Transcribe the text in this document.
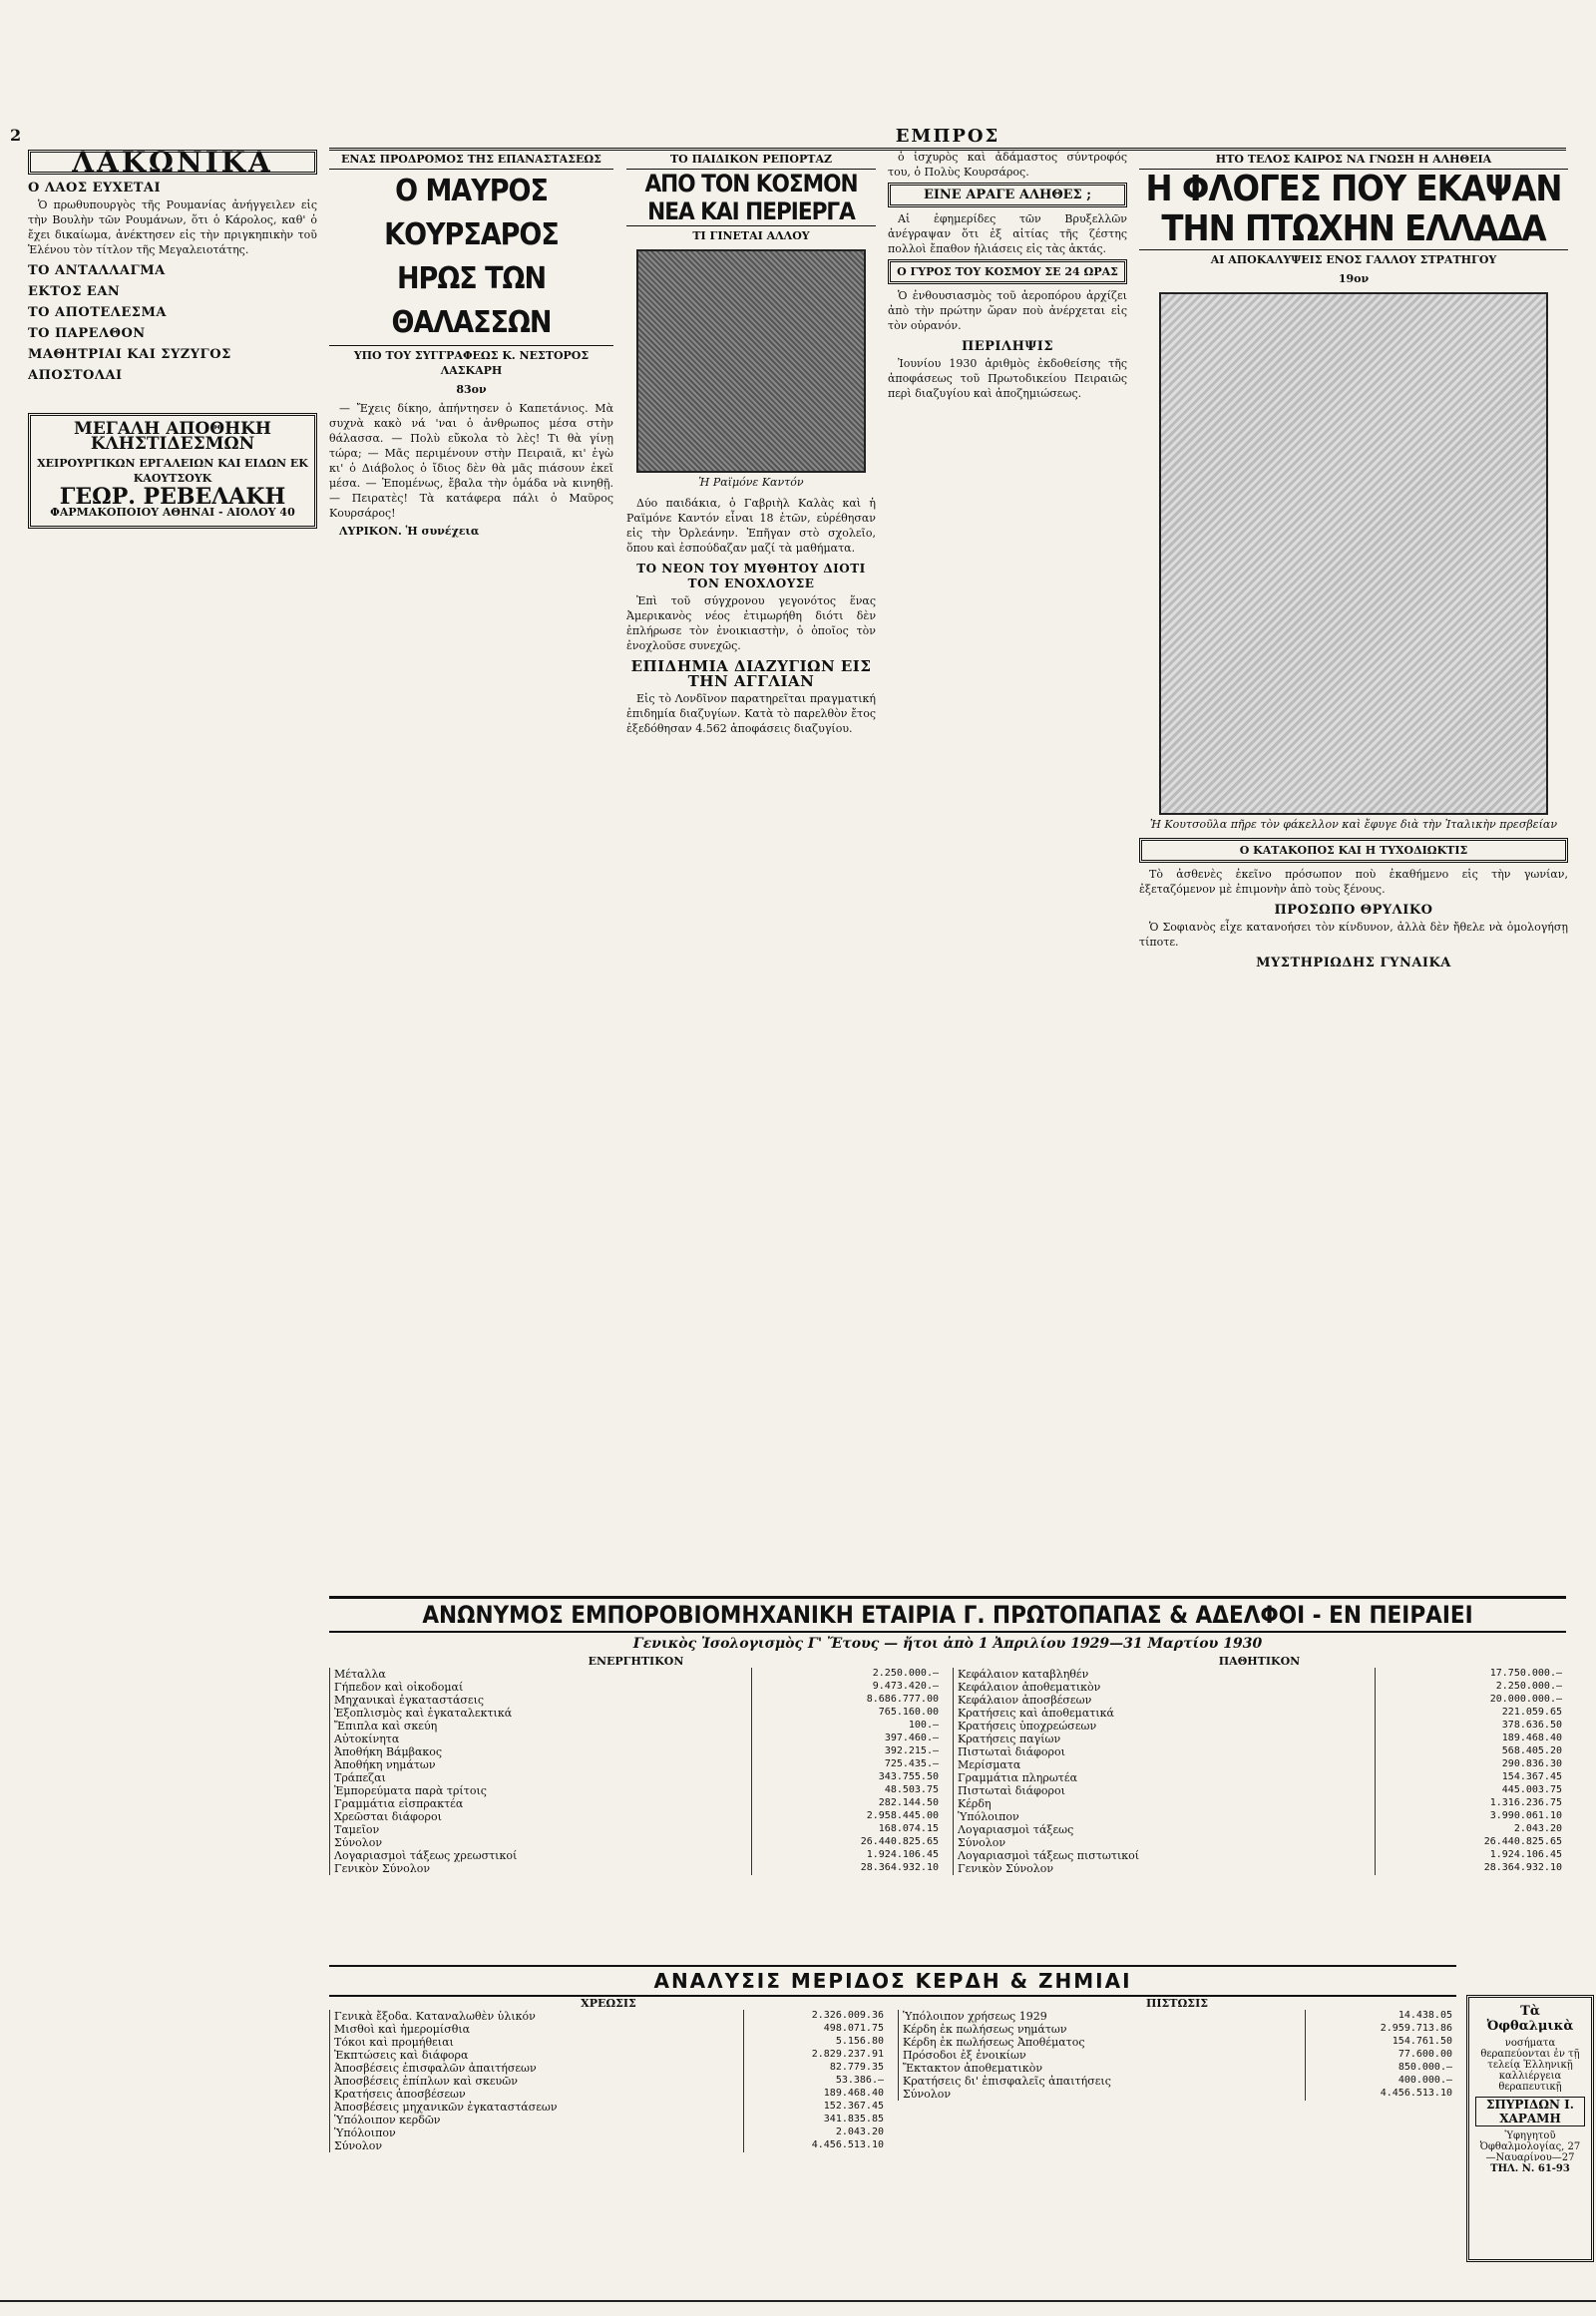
2	ΕΜΠΡΟΣ
ΛΑΚΩΝΙΚΑ
Ο ΛΑΟΣ ΕΥΧΕΤΑΙ

Ὁ πρωθυπουργὸς τῆς Ρουμανίας ἀνήγγειλεν εἰς τὴν Βουλὴν τῶν Ρουμάνων, ὅτι ὁ Κάρολος, καθ' ὁ ἔχει δικαίωμα, ἀνέκτησεν εἰς τὴν πριγκηπικὴν τοῦ Ἑλένου τὸν τίτλον τῆς Μεγαλειοτάτης.

ΤΟ ΑΝΤΑΛΛΑΓΜΑ
ΕΚΤΟΣ ΕΑΝ
ΤΟ ΑΠΟΤΕΛΕΣΜΑ
ΤΟ ΠΑΡΕΛΘΟΝ
ΜΑΘΗΤΡΙΑΙ ΚΑΙ ΣΥΖΥΓΟΣ
ΑΠΟΣΤΟΛΑΙ
ΜΕΓΑΛΗ ΑΠΟΘΗΚΗ ΚΛΗΣΤΙΔΕΣΜΩΝ
ΧΕΙΡΟΥΡΓΙΚΩΝ ΕΡΓΑΛΕΙΩΝ ΚΑΙ ΕΙΔΩΝ ΕΚ ΚΑΟΥΤΣΟΥΚ
ΓΕΩΡ. ΡΕΒΕΛΑΚΗ
ΦΑΡΜΑΚΟΠΟΙΟΥ ΑΘΗΝΑΙ - ΑΙΟΛΟΥ 40
ΕΝΑΣ ΠΡΟΔΡΟΜΟΣ ΤΗΣ ΕΠΑΝΑΣΤΑΣΕΩΣ
Ο ΜΑΥΡΟΣ ΚΟΥΡΣΑΡΟΣ
ΗΡΩΣ ΤΩΝ ΘΑΛΑΣΣΩΝ
ΥΠΟ ΤΟΥ ΣΥΓΓΡΑΦΕΩΣ Κ. ΝΕΣΤΟΡΟΣ ΛΑΣΚΑΡΗ
83ον

— Ἔχεις δίκηο, ἀπήντησεν ὁ Καπετάνιος. Μὰ συχνὰ κακὸ νά 'ναι ὁ ἀνθρωπος μέσα στὴν θάλασσα. — Πολὺ εὔκολα τὸ λὲς! Τι θὰ γίνῃ τώρα; — Μᾶς περιμένουν στὴν Πειραιᾶ, κι' ἐγὼ κι' ὁ Διάβολος ὁ ἴδιος δὲν θὰ μᾶς πιάσουν ἐκεῖ μέσα. — Ἐπομένως, ἔβαλα τὴν ὁμάδα νὰ κινηθῇ. — Πειρατὲς! Τὰ κατάφερα πάλι ὁ Μαῦρος Κουρσάρος!

ΛΥΡΙΚΟΝ. Ἡ συνέχεια

ΤΟ ΠΑΙΔΙΚΟΝ ΡΕΠΟΡΤΑΖ
ΑΠΟ ΤΟΝ ΚΟΣΜΟΝ
ΝΕΑ ΚΑΙ ΠΕΡΙΕΡΓΑ
ΤΙ ΓΙΝΕΤΑΙ ΑΛΛΟΥ
Ἡ Ραϊμόνε Καντόν

Δύο παιδάκια, ὁ Γαβριὴλ Καλὰς καὶ ἡ Ραϊμόνε Καντόν εἶναι 18 ἐτῶν, εὑρέθησαν εἰς τὴν Ὀρλεάνην. Ἐπῆγαν στὸ σχολεῖο, ὅπου καὶ ἐσπούδαζαν μαζί τὰ μαθήματα.

ΤΟ ΝΕΟΝ ΤΟΥ ΜΥΘΗΤΟΥ ΔΙΟΤΙ ΤΟΝ ΕΝΟΧΛΟΥΣΕ

Ἐπὶ τοῦ σύγχρονου γεγονότος ἕνας Ἀμερικανὸς νέος ἐτιμωρήθη διότι δὲν ἐπλήρωσε τὸν ἐνοικιαστὴν, ὁ ὁποῖος τὸν ἐνοχλοῦσε συνεχῶς.

ΕΠΙΔΗΜΙΑ ΔΙΑΖΥΓΙΩΝ ΕΙΣ ΤΗΝ ΑΓΓΛΙΑΝ

Εἰς τὸ Λονδῖνον παρατηρεῖται πραγματική ἐπιδημία διαζυγίων. Κατὰ τὸ παρελθὸν ἔτος ἐξεδόθησαν 4.562 ἀποφάσεις διαζυγίου.

ὁ ἰσχυρὸς καὶ ἀδάμαστος σύντροφός του, ὁ Πολὺς Κουρσάρος.

ΕΙΝΕ ΑΡΑΓΕ ΑΛΗΘΕΣ ;

Αἱ ἐφημερίδες τῶν Βρυξελλῶν ἀνέγραψαν ὅτι ἐξ αἰτίας τῆς ζέστης πολλοὶ ἔπαθον ἡλιάσεις εἰς τὰς ἀκτάς.

Ο ΓΥΡΟΣ ΤΟΥ ΚΟΣΜΟΥ ΣΕ 24 ΩΡΑΣ

Ὁ ἐνθουσιασμὸς τοῦ ἀεροπόρου ἀρχίζει ἀπὸ τὴν πρώτην ὥραν ποὺ ἀνέρχεται εἰς τὸν οὐρανόν.

ΠΕΡΙΛΗΨΙΣ

Ἰουνίου 1930 ἀριθμὸς ἐκδοθείσης τῆς ἀποφάσεως τοῦ Πρωτοδικείου Πειραιῶς περὶ διαζυγίου καὶ ἀποζημιώσεως.

ΗΤΟ ΤΕΛΟΣ ΚΑΙΡΟΣ ΝΑ ΓΝΩΣΗ Η ΑΛΗΘΕΙΑ
Η ΦΛΟΓΕΣ ΠΟΥ ΕΚΑΨΑΝ
ΤΗΝ ΠΤΩΧΗΝ ΕΛΛΑΔΑ
ΑΙ ΑΠΟΚΑΛΥΨΕΙΣ ΕΝΟΣ ΓΑΛΛΟΥ ΣΤΡΑΤΗΓΟΥ
19ον
Ἡ Κουτσοῦλα πῆρε τὸν φάκελλον καὶ ἔφυγε διὰ τὴν Ἰταλικὴν πρεσβείαν
Ο ΚΑΤΑΚΟΠΟΣ ΚΑΙ Η ΤΥΧΟΔΙΩΚΤΙΣ

Τὸ ἀσθενὲς ἐκεῖνο πρόσωπον ποὺ ἐκαθήμενο εἰς τὴν γωνίαν, ἐξεταζόμενον μὲ ἐπιμονὴν ἀπὸ τοὺς ξένους.

ΠΡΟΣΩΠΟ ΘΡΥΛΙΚΟ

Ὁ Σοφιανὸς εἶχε κατανοήσει τὸν κίνδυνον, ἀλλὰ δὲν ἤθελε νὰ ὁμολογήσῃ τίποτε.

ΜΥΣΤΗΡΙΩΔΗΣ ΓΥΝΑΙΚΑ
ΑΝΩΝΥΜΟΣ ΕΜΠΟΡΟΒΙΟΜΗΧΑΝΙΚΗ ΕΤΑΙΡΙΑ Γ. ΠΡΩΤΟΠΑΠΑΣ & ΑΔΕΛΦΟΙ - ΕΝ ΠΕΙΡΑΙΕΙ
Γενικὸς Ἰσολογισμὸς Γ' Ἔτους — ἤτοι ἀπὸ 1 Ἀπριλίου 1929—31 Μαρτίου 1930
ΕΝΕΡΓΗΤΙΚΟΝ
Μέταλλα	2.250.000.—
Γήπεδον καὶ οἰκοδομαί	9.473.420.—
Μηχανικαὶ ἐγκαταστάσεις	8.686.777.00
Ἐξοπλισμὸς καὶ ἐγκαταλεκτικά	765.160.00
Ἔπιπλα καὶ σκεύη	100.—
Αὐτοκίνητα	397.460.—
Ἀποθήκη Βάμβακος	392.215.—
Ἀποθήκη νημάτων	725.435.—
Τράπεζαι	343.755.50
Ἐμπορεύματα παρὰ τρίτοις	48.503.75
Γραμμάτια εἰσπρακτέα	282.144.50
Χρεῶσται διάφοροι	2.958.445.00
Ταμεῖον	168.074.15
Σύνολον	26.440.825.65
Λογαριασμοὶ τάξεως χρεωστικοί	1.924.106.45
Γενικὸν Σύνολον	28.364.932.10
ΠΑΘΗΤΙΚΟΝ
Κεφάλαιον καταβληθέν	17.750.000.—
Κεφάλαιον ἀποθεματικὸν	2.250.000.—
Κεφάλαιον ἀποσβέσεων	20.000.000.—
Κρατήσεις καὶ ἀποθεματικά	221.059.65
Κρατήσεις ὑποχρεώσεων	378.636.50
Κρατήσεις παγίων	189.468.40
Πιστωταὶ διάφοροι	568.405.20
Μερίσματα	290.836.30
Γραμμάτια πληρωτέα	154.367.45
Πιστωταὶ διάφοροι	445.003.75
Κέρδη	1.316.236.75
Ὑπόλοιπον	3.990.061.10
Λογαριασμοὶ τάξεως	2.043.20
Σύνολον	26.440.825.65
Λογαριασμοὶ τάξεως πιστωτικοί	1.924.106.45
Γενικὸν Σύνολον	28.364.932.10
ΑΝΑΛΥΣΙΣ ΜΕΡΙΔΟΣ ΚΕΡΔΗ & ΖΗΜΙΑΙ
ΧΡΕΩΣΙΣ
Γενικὰ ἔξοδα. Καταναλωθὲν ὑλικόν	2.326.009.36
Μισθοὶ καὶ ἡμερομίσθια	498.071.75
Τόκοι καὶ προμήθειαι	5.156.80
Ἐκπτώσεις καὶ διάφορα	2.829.237.91
Ἀποσβέσεις ἐπισφαλῶν ἀπαιτήσεων	82.779.35
Ἀποσβέσεις ἐπίπλων καὶ σκευῶν	53.386.—
Κρατήσεις ἀποσβέσεων	189.468.40
Ἀποσβέσεις μηχανικῶν ἐγκαταστάσεων	152.367.45
Ὑπόλοιπον κερδῶν	341.835.85
Ὑπόλοιπον	2.043.20
Σύνολον	4.456.513.10
ΠΙΣΤΩΣΙΣ
Ὑπόλοιπον χρήσεως 1929	14.438.05
Κέρδη ἐκ πωλήσεως νημάτων	2.959.713.86
Κέρδη ἐκ πωλήσεως Ἀποθέματος	154.761.50
Πρόσοδοι ἐξ ἐνοικίων	77.600.00
Ἔκτακτον ἀποθεματικὸν	850.000.—
Κρατήσεις δι' ἐπισφαλεῖς ἀπαιτήσεις	400.000.—
Σύνολον	4.456.513.10
Τὰ Ὀφθαλμικὰ
νοσήματα θεραπεύονται ἐν τῇ τελείᾳ Ἑλληνικῇ καλλιέργεια θεραπευτικῇ
ΣΠΥΡΙΔΩΝ Ι. ΧΑΡΑΜΗ
Ὑφηγητοῦ Ὀφθαλμολογίας, 27—Ναυαρίνου—27
ΤΗΛ. Ν. 61-93
